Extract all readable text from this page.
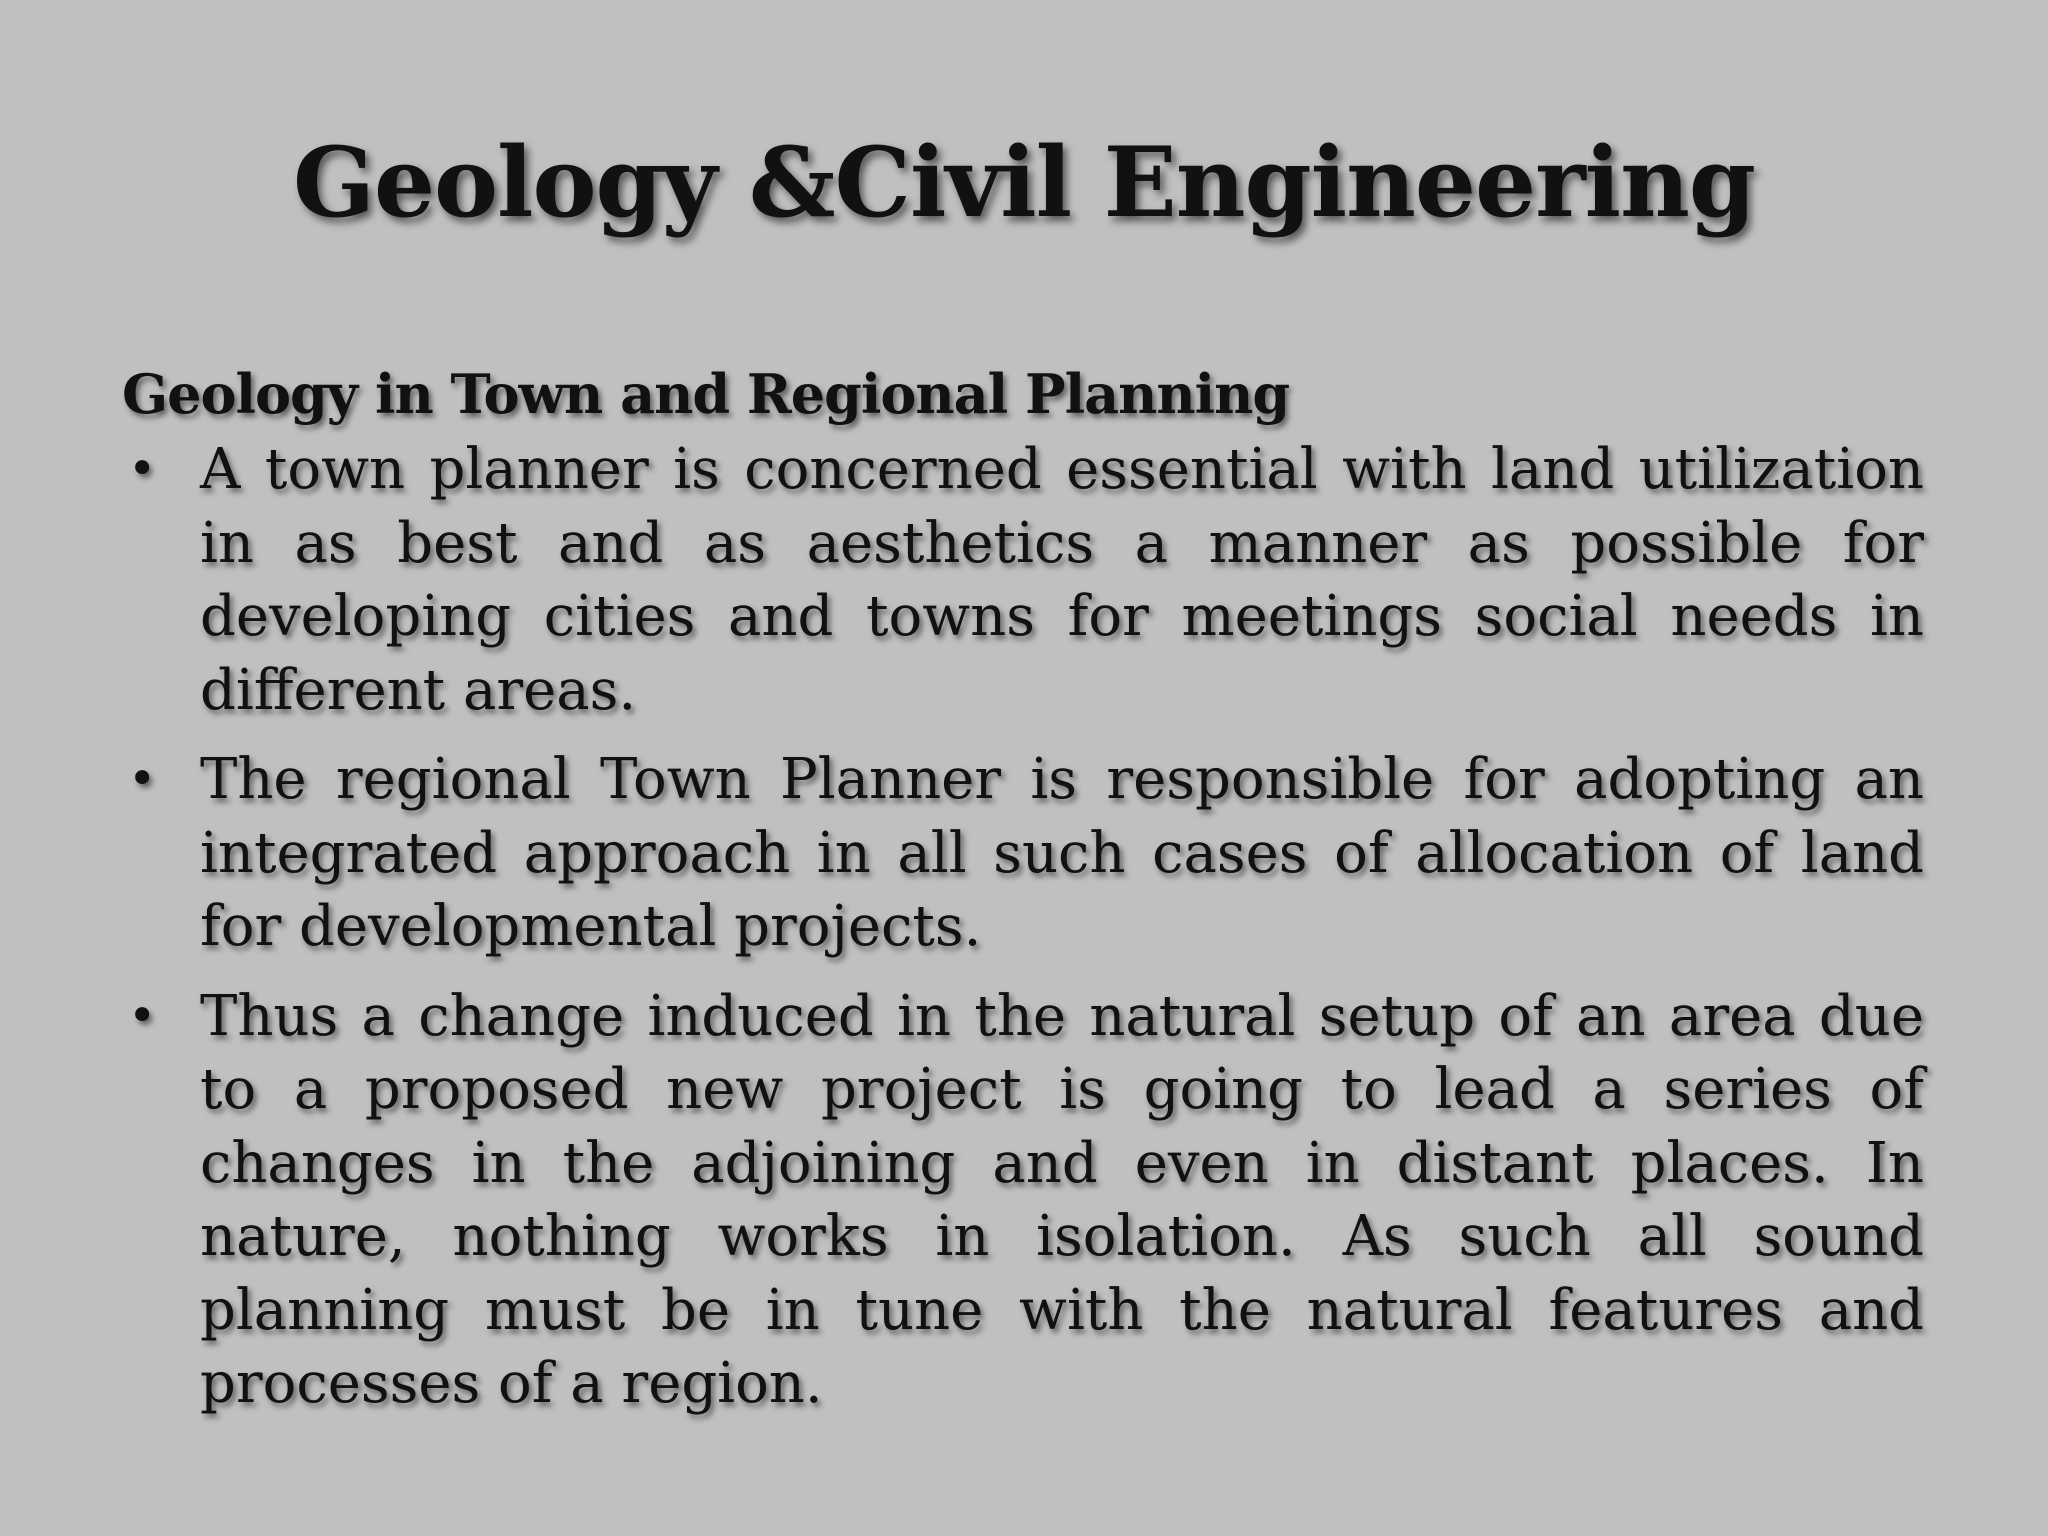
Geology &Civil Engineering
Geology in Town and Regional Planning
• A town planner is concerned essential with land utilization in as best and as aesthetics a manner as possible for developing cities and towns for meetings social needs in different areas.
• The regional Town Planner is responsible for adopting an integrated approach in all such cases of allocation of land for developmental projects.
• Thus a change induced in the natural setup of an area due to a proposed new project is going to lead a series of changes in the adjoining and even in distant places. In nature, nothing works in isolation. As such all sound planning must be in tune with the natural features and processes of a region.
